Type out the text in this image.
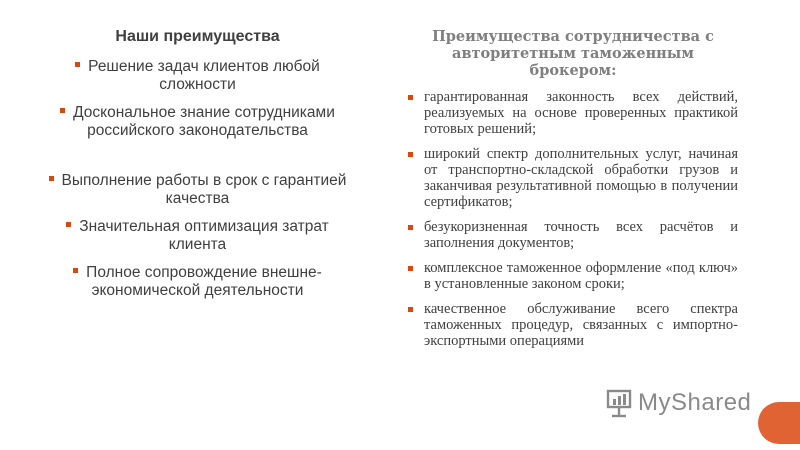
Наши преимущества
Решение задач клиентов любой сложности
Доскональное знание сотрудниками российского законодательства
Выполнение работы в срок с гарантией качества
Значительная оптимизация затрат клиента
Полное сопровождение внешне-экономической деятельности
Преимущества сотрудничества с авторитетным таможенным брокером:
гарантированная законность всех действий, реализуемых на основе проверенных практикой готовых решений;
широкий спектр дополнительных услуг, начиная от транспортно-складской обработки грузов и заканчивая результативной помощью в получении сертификатов;
безукоризненная точность всех расчётов и заполнения документов;
комплексное таможенное оформление «под ключ» в установленные законом сроки;
качественное обслуживание всего спектра таможенных процедур, связанных с импортно-экспортными операциями
MyShared
